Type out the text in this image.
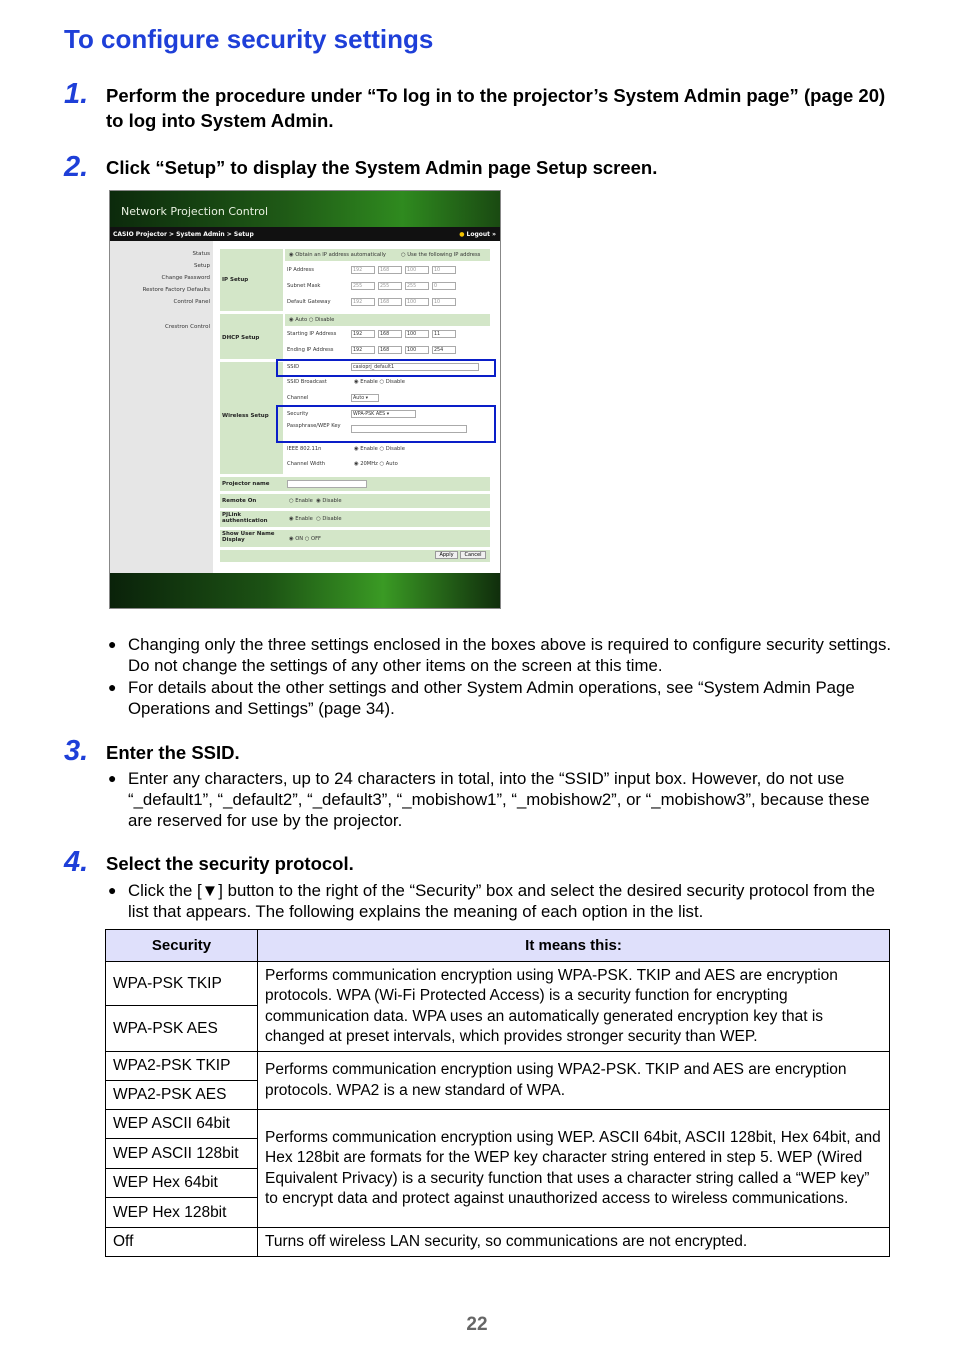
To configure security settings
1. Perform the procedure under “To log in to the projector’s System Admin page” (page 20) to log into System Admin.
2. Click “Setup” to display the System Admin page Setup screen.
Network Projection Control
CASIO Projector > System Admin > Setup	● Logout »
Status
Setup
Change Password
Restore Factory Defaults
Control Panel
Crestron Control
IP Setup
◉ Obtain an IP address automatically	○ Use the following IP address
IP Address	192	168	100	10
Subnet Mask	255	255	255	0
Default Gateway	192	168	100	10
DHCP Setup
◉ Auto ○ Disable
Starting IP Address	192	168	100	11
Ending IP Address	192	168	100	254
Wireless Setup
SSID	casioprj_default1
SSID Broadcast	◉ Enable ○ Disable
Channel	Auto ▾
Security	WPA-PSK AES ▾
Passphrase/WEP Key
IEEE 802.11n	◉ Enable ○ Disable
Channel Width	◉ 20MHz ○ Auto
Projector name
Remote On	○ Enable  ◉ Disable
PJLink authentication	◉ Enable  ○ Disable
Show User Name Display	◉ ON ○ OFF
Apply	Cancel
● Changing only the three settings enclosed in the boxes above is required to configure security settings. Do not change the settings of any other items on the screen at this time.
● For details about the other settings and other System Admin operations, see “System Admin Page Operations and Settings” (page 34).
3. Enter the SSID.
● Enter any characters, up to 24 characters in total, into the “SSID” input box. However, do not use “_default1”, “_default2”, “_default3”, “_mobishow1”, “_mobishow2”, or “_mobishow3”, because these are reserved for use by the projector.
4. Select the security protocol.
● Click the [▼] button to the right of the “Security” box and select the desired security protocol from the list that appears. The following explains the meaning of each option in the list.
Security	It means this:
WPA-PSK TKIP	Performs communication encryption using WPA-PSK. TKIP and AES are encryption protocols. WPA (Wi-Fi Protected Access) is a security function for encrypting communication data. WPA uses an automatically generated encryption key that is changed at preset intervals, which provides stronger security than WEP.
WPA-PSK AES	
WPA2-PSK TKIP	Performs communication encryption using WPA2-PSK. TKIP and AES are encryption protocols. WPA2 is a new standard of WPA.
WPA2-PSK AES	
WEP ASCII 64bit	Performs communication encryption using WEP. ASCII 64bit, ASCII 128bit, Hex 64bit, and Hex 128bit are formats for the WEP key character string entered in step 5. WEP (Wired Equivalent Privacy) is a security function that uses a character string called a “WEP key” to encrypt data and protect against unauthorized access to wireless communications.
WEP ASCII 128bit	
WEP Hex 64bit	
WEP Hex 128bit	
Off	Turns off wireless LAN security, so communications are not encrypted.
22
